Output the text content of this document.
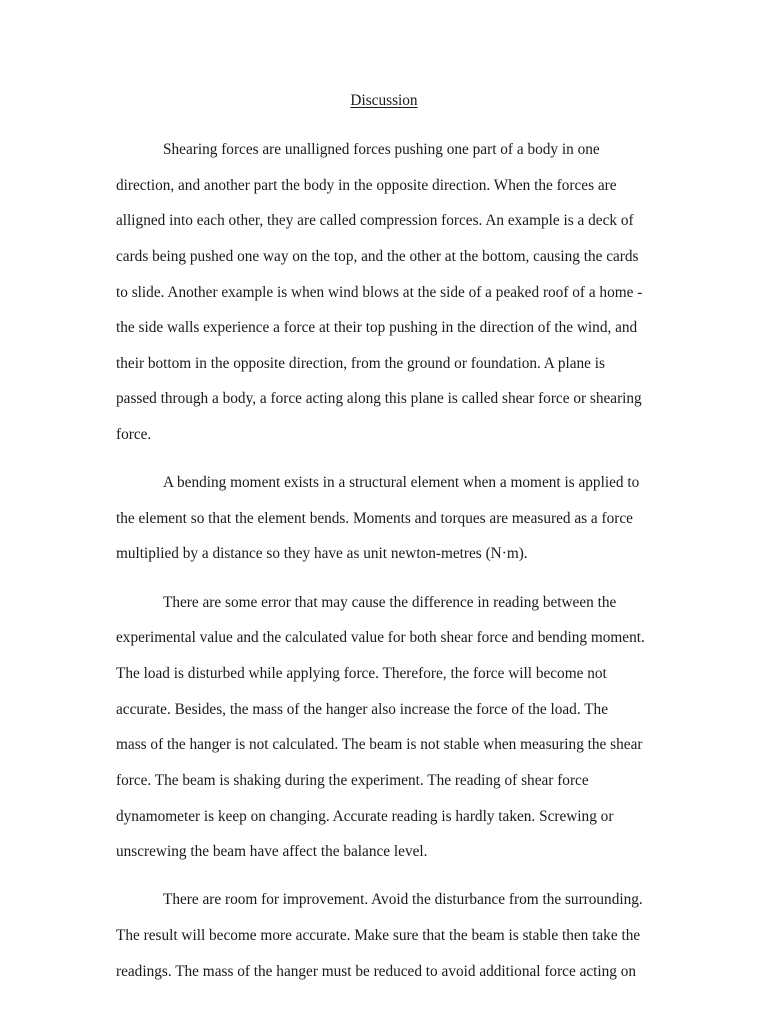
Discussion

Shearing forces are unalligned forces pushing one part of a body in one

direction, and another part the body in the opposite direction. When the forces are

alligned into each other, they are called compression forces. An example is a deck of

cards being pushed one way on the top, and the other at the bottom, causing the cards

to slide. Another example is when wind blows at the side of a peaked roof of a home -

the side walls experience a force at their top pushing in the direction of the wind, and

their bottom in the opposite direction, from the ground or foundation. A plane is

passed through a body, a force acting along this plane is called shear force or shearing

force.

A bending moment exists in a structural element when a moment is applied to

the element so that the element bends. Moments and torques are measured as a force

multiplied by a distance so they have as unit newton-metres (N·m).

There are some error that may cause the difference in reading between the

experimental value and the calculated value for both shear force and bending moment.

The load is disturbed while applying force. Therefore, the force will become not

accurate. Besides, the mass of the hanger also increase the force of the load. The

mass of the hanger is not calculated. The beam is not stable when measuring the shear

force. The beam is shaking during the experiment. The reading of shear force

dynamometer is keep on changing. Accurate reading is hardly taken. Screwing or

unscrewing the beam have affect the balance level.

There are room for improvement. Avoid the disturbance from the surrounding.

The result will become more accurate. Make sure that the beam is stable then take the

readings. The mass of the hanger must be reduced to avoid additional force acting on
